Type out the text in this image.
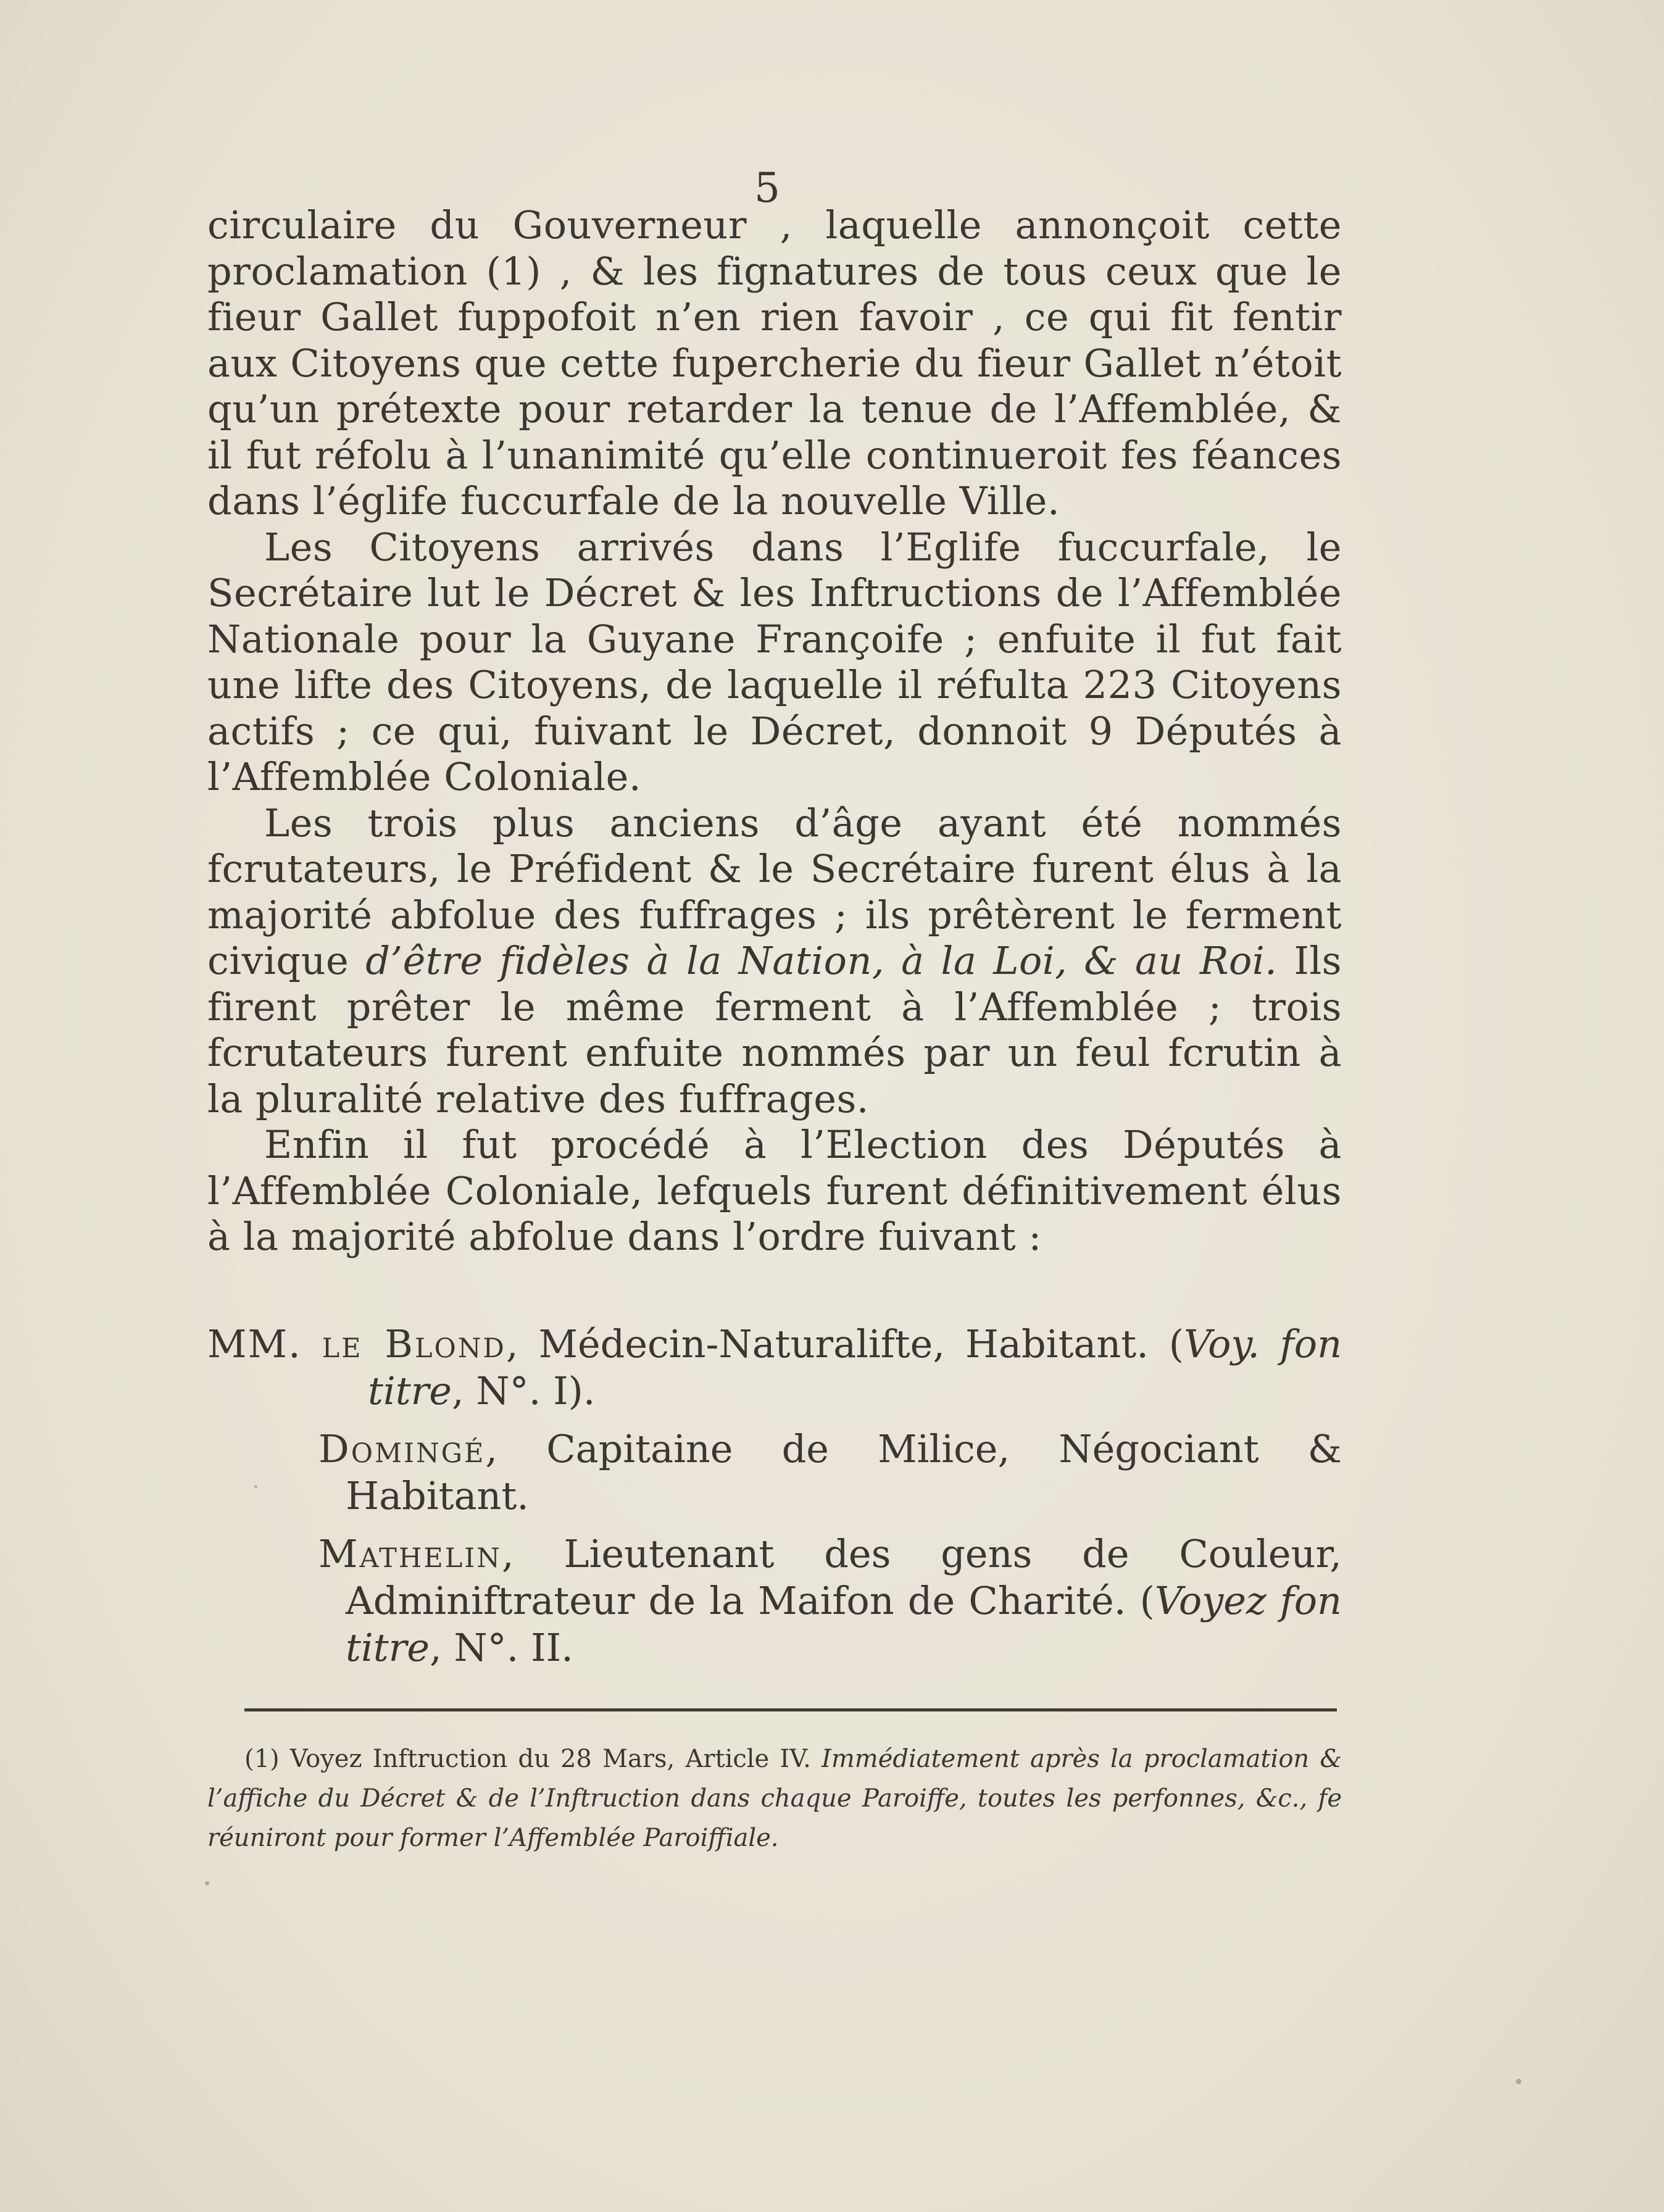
5

circulaire du Gouverneur , laquelle annonçoit cette proclamation (1) , & les fignatures de tous ceux que le fieur Gallet fuppofoit n’en rien favoir , ce qui fit fentir aux Citoyens que cette fupercherie du fieur Gallet n’étoit qu’un prétexte pour retarder la tenue de l’Affemblée, & il fut réfolu à l’unanimité qu’elle continueroit fes féances dans l’églife fuccurfale de la nouvelle Ville.

Les Citoyens arrivés dans l’Eglife fuccurfale, le Secrétaire lut le Décret & les Inftructions de l’Affemblée Nationale pour la Guyane Françoife ; enfuite il fut fait une lifte des Citoyens, de laquelle il réfulta 223 Citoyens actifs ; ce qui, fuivant le Décret, donnoit 9 Députés à l’Affemblée Coloniale.

Les trois plus anciens d’âge ayant été nommés fcrutateurs, le Préfident & le Secrétaire furent élus à la majorité abfolue des fuffrages ; ils prêtèrent le ferment civique d’être fidèles à la Nation, à la Loi, & au Roi. Ils firent prêter le même ferment à l’Affemblée ; trois fcrutateurs furent enfuite nommés par un feul fcrutin à la pluralité relative des fuffrages.

Enfin il fut procédé à l’Election des Députés à l’Affemblée Coloniale, lefquels furent définitivement élus à la majorité abfolue dans l’ordre fuivant :

MM. le Blond, Médecin-Naturalifte, Habitant. (Voy. fon titre, N°. I).

Domingé, Capitaine de Milice, Négociant & Habitant.

Mathelin, Lieutenant des gens de Couleur, Adminiftrateur de la Maifon de Charité. (Voyez fon titre, N°. II.

(1) Voyez Inftruction du 28 Mars, Article IV. Immédiatement après la proclamation & l’affiche du Décret & de l’Inftruction dans chaque Paroiffe, toutes les perfonnes, &c., fe réuniront pour former l’Affemblée Paroiffiale.
